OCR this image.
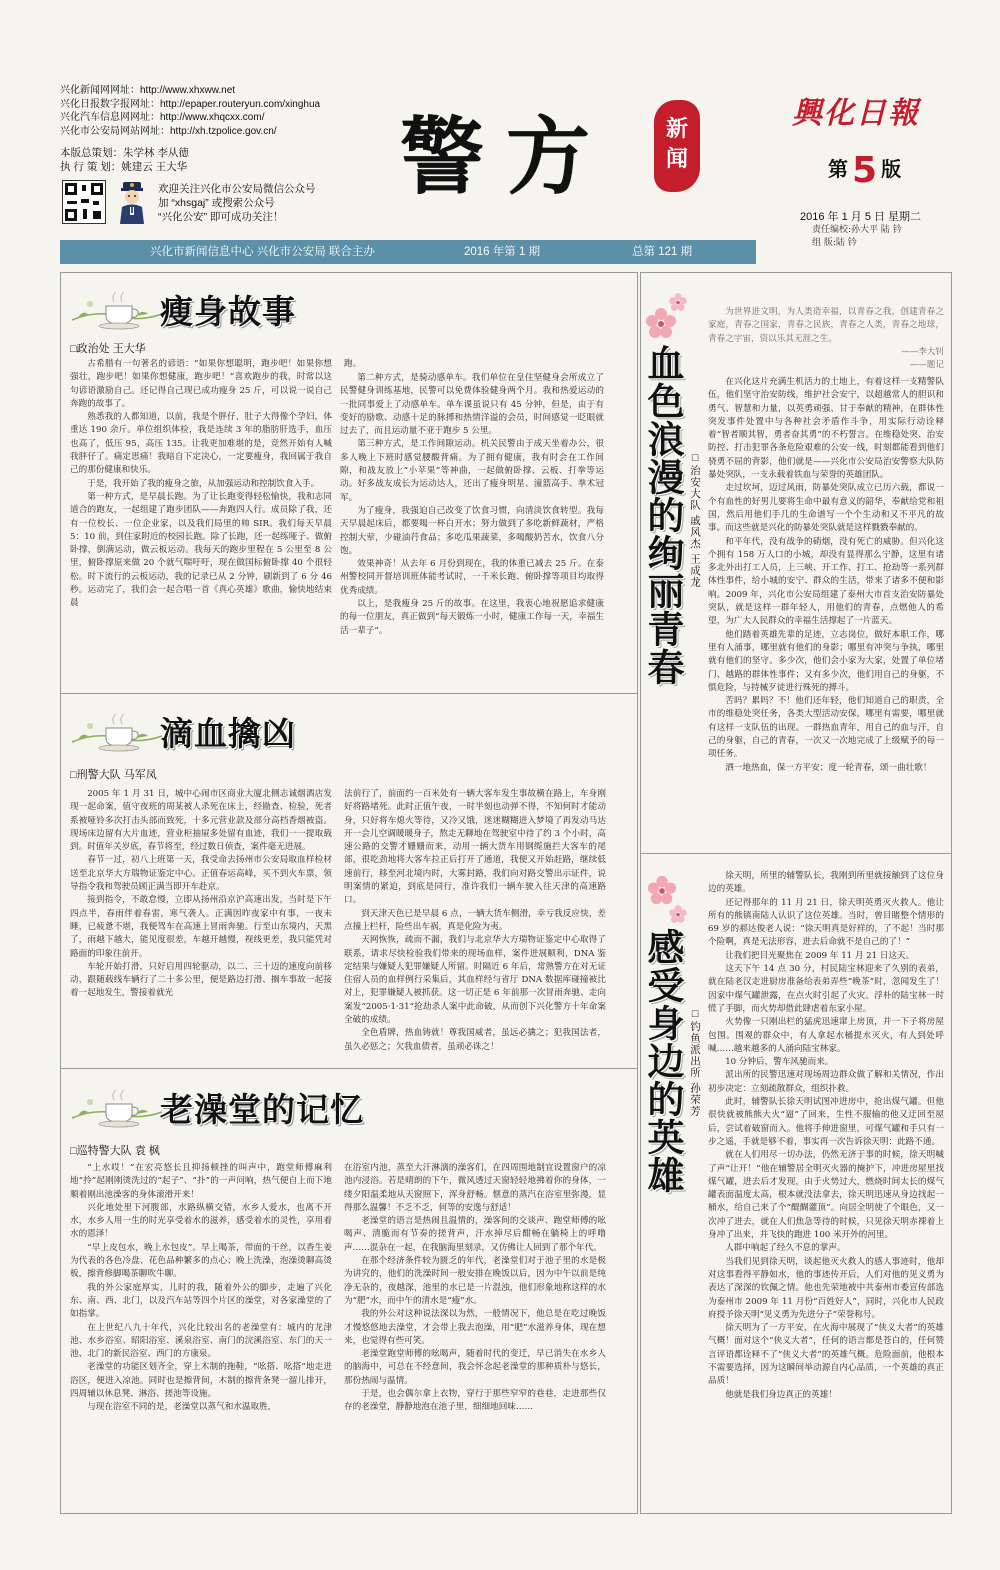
兴化新闻网网址：http://www.xhxww.net
兴化日报数字报网址：http://epaper.routeryun.com/xinghua
兴化汽车信息网网址：http://www.xhqcxx.com/
兴化市公安局网站网址：http://xh.tzpolice.gov.cn/
本版总策划：朱学林 李从德
执 行 策 划：姚建云 王大华
欢迎关注兴化市公安局微信公众号
加 “xhsgaj” 或搜索公众号
“兴化公安” 即可成功关注！
警方	新
闻
興化日報
第 5 版
2016 年 1 月 5 日 星期二
责任编校:孙大平 陆 钤
组 版:陆 钤
兴化市新闻信息中心 兴化市公安局 联合主办	2016 年第 1 期	总第 121 期
瘦身故事
□政治处 王大华

古希腊有一句著名的谚语：“如果你想聪明，跑步吧！如果你想强壮，跑步吧！如果你想健康，跑步吧！”喜欢跑步的我，时常以这句谚语激励自己。还记得自己现已成功瘦身 25 斤，可以说一说自己奔跑的故事了。

熟悉我的人都知道，以前，我是个胖仔，肚子大得像个孕妇，体重达 190 余斤。单位组织体检，我是连续 3 年的脂肪肝选手，血压也高了，低压 95，高压 135。让我更加难堪的是，竞然开始有人喊我胖仔了。痛定思痛！我暗自下定决心，一定要瘦身，我回属于我自己的那份健康和快乐。

于是，我开始了我的瘦身之旅，从加强运动和控制饮食入手。

第一种方式，是早晨长跑。为了让长跑变得轻松愉快，我和志同道合的跑友，一起组建了跑步团队——奔跑四人行。成员除了我，还有一位校长、一位企业家，以及我们局里的帅 SIR。我们每天早晨 5：10 前，到住家附近的校园长跑。除了长跑，还一起练哑子、做俯卧撑，倒满运动，做云板运动。我每天的跑步里程在 5 公里至 8 公里，俯卧撑原来做 20 个就气喘吁吁，现在做国标俯卧撑 40 个很轻松。时下流行的云板运动，我的记录已从 2 分钟，刷新到了 6 分 46 秒。运动完了，我们会一起合唱一首《真心英雄》歌曲，愉快地结束晨

跑。

第二种方式，是骑动感单车。我们单位在皇住坚健身会所成立了民警健身训练基地，民警可以免费体验健身两个月。我和热爱运动的一批同事爱上了动感单车。单车课虽说只有 45 分钟，但是，由于有变好的励歌、动感十足的脉搏和热情洋溢的会员，时间感觉一眨眼就过去了，而且运动量不亚于跑步 5 公里。

第三种方式，是工作间隙运动。机关民警由于成天坐着办公，很多人晚上下班时感觉腰酸背痛。为了拥有健康，我有时会在工作间隙，和战友放上“小苹果”等神曲，一起做俯卧撑、云板、打拳等运动。好多战友成长为运动达人，还出了瘦身明星、潼篮高手、拳术冠军。

为了瘦身，我强迫自己改变了饮食习惯，向清淡饮食转型。我每天早晨起床后，都要喝一杯白开水；努力做到了多吃新鲜蔬材，严格控制大荤，少碰油荇食品；多吃瓜果蔬菜，多喝酸奶苦水，饮食八分饱。

效果神奇！从去年 6 月份到现在，我的体重已减去 25 斤。在泰州警校同开督培训班体能考试时，一千米长跑、俯卧撑等项目均取得优秀成绩。

以上，是我瘦身 25 斤的故事。在这里，我衷心地祝愿追求健康的每一位朋友，真正做到“每天锻炼一小时，健康工作每一天，幸福生活一辈子”。

滴血擒凶
□刑警大队 马军凤

2005 年 1 月 31 日，城中心闹市区商业大厦北侧志诚烟酒店发现一起命案，值守夜班的周某被人杀死在床上，经勘查、检验，死者系被哑铃多次打击头部而致死，十多元营业款及部分高档香烟被盗。现场床边留有大片血迹，营业柜抽屉多处留有血迹，我们一一提取载到。时值年关岁底，春节将至，经过数日侦查，案件毫无进展。

春节一过，初八上班第一天，我受命去扬州市公安局取血样检材送至北京华大方瑞物证鉴定中心。正值春运高峰，买不到火车票，领导指令我和驾驶员顾正满当即开车赴京。

接到指令，不敢怠慢，立即从扬州沿京沪高速出发，当时是下午四点半，春雨伴着春雷，寒气袭人。正满因昨夜家中有事，一夜未睡，已疲惫不堪，我便驾车在高速上冒雨奔驰。行至山东境内，天黑了，雨越下越大，能见度很差，车越开越慢，视线更差，我只能凭对路面的印象往前开。

车轮开始打滑，只好启用四轮驱动，以二、三十迈的速度向前移动，跟随载线车辆行了二十多公里，便是路边打滑、搁车事故一起接着一起地发生，警接着就光

法前行了，前面约一百米处有一辆大客车发生事故横在路上，车身刚好将路堵死。此时正值午夜，一时半刻也动弹不得，不知何时才能动身，只好将车熄火等待，又冷又饿，迷迷糊糊进入梦境了再发动马达开一会儿空调暖暖身子，熬走无聊地在驾驶室中待了约 3 个小时，高速公路的交警才姗姗而来，动用一辆大货车用钢缆施拦大客车的尾部，很吃劲地将大客车拉正后打开了通道，我便又开始赶路，继续低速前行，移至河北境内时，大雾封路，我们向对路交警出示证件，说明案情的紧迫，到底是同行，准许我们一辆车驶入往天津的高速路口。

到天津天色已是早晨 6 点，一辆大货车侧滑，幸亏我反应快，差点撞上栏杆，险些出车祸，真是化险为夷。

天网恢恢，疏而不漏，我们与北京华大方瑞物证鉴定中心取得了联系，请求尽快检验我们带来的现场血样，案件进展顺利，DNA 鉴定结果与嫌疑人犯罪嫌疑人所留。时隔近 6 年后，常熟警方在对无证住宿人员的血样例行采集后，其血样经与省厅 DNA 数据库碰撞被比对上，犯罪嫌疑人被抓获。这一切正是 6 年前那一次冒雨奔驰、走向案发“2005·1·31”抢劫杀人案中此命破，从而创下兴化警方十年命案全破的成绩。

全色盾牌，热血铸就！尊我国威者，虽远必擒之；犯我国法者，虽久必惩之；欠我血债者，虽顽必诛之！

老澡堂的记忆
□巡特警大队 袁 枫

“上水哎！”在宏亮悠长且抑扬顿挫的叫声中，跑堂师傅麻利地“拎”起刚刚烫洗过的“起子”、“扑”的一声问响，热气便自上而下地顺着刚出池澡客的身体滚滑开来！

兴化地处里下河腹部，水路纵横交错，水乡人爱水，也离不开水，水乡人用一生的时光享受着水的滋养，感受着水的灵性，享用着水的恩泽！

“早上皮包水，晚上水包皮”。早上喝茶，带面的干丝，以香生姜为代表的各色冷盘、花色品种繁多的点心；晚上洗澡，泡澡烫聊高烫板，擦背修脚喝茶聊吹牛聊。

我的外公家庭厚实，儿时的我，随着外公的脚步，走遍了兴化东、南、西、北门，以及汽车站等四个片区的澡堂，对各家澡堂的了如指掌。

在上世纪八九十年代，兴化比较出名的老澡堂有：城内的龙津池、水乡浴室、昭阳浴室、溪泉浴室、南门的浣溪浴室、东门的天一池、北门的新民浴室、西门的方康泉。

老澡堂的功能区划齐全，穿上木制的拖鞋，“吆搭、吆搭”地走进浴区，便进入凉池。同时也是擦背间，木制的擦背条凳一溜儿排开，四周辅以休息凳、淋浴、搓池等设施。

与现在浴室不同的是，老澡堂以蒸气和水温取胜，

在浴室内池，蒸至大汗淋漓的澡客们，在四周围地制宜设置窗户的凉池内浸浴。若是晴朗的下午，微风透过天窗轻轻地拂着你的身体，一缕夕阳温柔地从天窗照下，浑身舒畅。惬意的蒸汽在浴室里弥漫，显得那么温馨！不乏不乏，何等的安逸与舒适！

老澡堂的语言是热闹且温情的，澡客间的交谈声、跑堂师傅的吆喝声、清脆而有节奏的搓背声，汗水掉尽后酣畅在躺椅上的呼噜声……混杂在一起，在我脑海里刻录，又仿佛让人回到了那个年代。

在那个经济条件较为匮乏的年代，老澡堂们对于池子里的水是极为讲究的，他们的洗澡时间一般安排在晚饭以后，因为中午以前是纯净无杂的，夜越深，池里的水已是一片混浊，他们形象地称这样的水为“肥”水，而中午的清水是“瘦”水。

我的外公对这种说法深以为然，一般情况下，他总是在吃过晚饭才慢悠悠地去澡堂，才会带上我去泡澡，用“肥”水滋养身体，现在想来，也觉得有些可笑。

老澡堂跑堂师傅的吆喝声，随着时代的变迁，早已消失在水乡人的脑海中，可总在不经意间，我会怀念起老澡堂的那种质朴与悠长，那份热闹与温情。

于是，也会偶尔拿上衣物，穿行于那些窄窄的巷巷，走进那些仅存的老澡堂，静静地泡在池子里，细细地回味……

血色浪漫的绚丽青春 □治安大队 戚风杰 王成龙

为世界进文明，为人类造幸福，以青春之我，创建青春之家庭，青春之国家，青春之民族，青春之人类，青春之地球，青春之宇宙，资以乐其无涯之生。

——李大钊
——题记

在兴化这片充满生机活力的土地上，有着这样一支精警队伍，他们坚守治安防线，维护社会安宁，以超越常人的胆识和勇气、智慧和力量，以英勇顽强、甘于奉献的精神，在群体性突发事件处置中与各种社会矛盾作斗争，用实际行动诠释着“智者顺其智，勇者奋其勇”的不朽誓言。在维稳处突、治安防控、打击犯罪各条危险艰难的公安一线，时刻都能看到他们骁勇不屈的背影，他们就是——兴化市公安局治安警察大队防暴处突队，一支永载着铁血与荣誉的英雄团队。

走过坎坷，迈过风雨，防暴处突队成立已历六载，都说一个有血性的好男儿要将生命中最有意义的韶华，奉献给党和祖国，然后用他们手几的生命谱写一个个生动和又不平凡的故事。而这些就是兴化的防暴处突队就是这样戮戮奉献的。

和平年代，没有战争的硝烟，没有死亡的威胁。但兴化这个拥有 158 万人口的小城，却没有显得那么宁静，这里有诸多北外出打工人员，上三峡、开工作、打工、抢劫等一系列群体性事件，给小城的安宁、群众的生活，带来了诸多不便和影响。2009 年，兴化市公安局组建了泰州大市首支治安防暴处突队，就是这样一群年轻人，用他们的青春，点燃他人的希望，为广大人民群众的幸福生活撑起了一片蓝天。

他们踏着英雄先辈的足迹，立志岗位，做好本职工作，哪里有人涌事，哪里就有他们的身影；哪里有冲突与争执，哪里就有他们的坚守。多少次，他们会小家为大家，处置了单位堵门、越路的群体性事件；又有多少次，他们用自己的身躯，不惧危险，与持械歹徒进行殊死的搏斗。

苦吗？累吗？不！他们还年轻，他们知道自己的职责，全市的维稳处突任务，各类大型活动安保，哪里有需要，哪里就有这样一支队伍的出现。一群热血青年，用自己的血与汗，自己的身躯，自己的青春，一次又一次地完成了上级赋予的每一项任务。

洒一地热血，保一方平安；度一轮青春，颂一曲壮歌！

感受身边的英雄 □钓鱼派出所 孙荣芳

徐天明，所里的辅警队长，我刚到所里就接触到了这位身边的英雄。

还记得那年的 11 月 21 日，徐天明英勇灭火救人。他让所有的熊镇南陆人认识了这位英雄。当时，曾目睹整个情形的 69 岁的郝达俊老人说：“徐天明真是好样的，了不起！当时那个险啊，真是无法形容，进去后命就不是自己的了！”

让我们把目光聚焦在 2009 年 11 月 21 日这天。

这天下午 14 点 30 分，村民陆宝林迎来了久别的表弟，就在陆老汉走进厨房准备给表弟弄些“晚茶”时，忽闻发生了！因家中煤气罐泄露，在点火时引起了火灾。浮朴的陆宝林一时慌了手脚，而火势却借此肆虐着东家小屋。

火势像一只刚出栏的猛虎迅速窜上房顶，并一下子将房屋包围。围观的群众中，有人拿起水桶提水灭火，有人到处呼喊……越来越多的人涌向陆宝林家。

10 分钟后，警车风驰而来。

派出所的民警迅速对现场周边群众做了解和关情况，作出初步决定：立刻疏散群众，组织扑救。

此时，辅警队长徐天明试图冲进房中，抢出煤气罐。但他很快就被熊熊大火“逼”了回来，生性不服输的他又迂回至屋后，尝试着破窗而入。他将手伸进窗里，可煤气罐和手只有一步之遥，手就是够不着，事实再一次告诉徐天明：此路不通。

就在人们用尽一切办法，仍然无济于事的时候，徐天明喊了声“让开！”他在辅警居全明灭火器的掩护下，冲进房屋里找煤气罐，进去后才发现，由于火势过大，燃烧时间太长的煤气罐表面温度太高，根本就没法拿去，徐天明迅速从身边找起一桶水，给自己来了个“醍醐灌顶”。向居全明使了个眼色，又一次冲了进去，就在人们焦急等待的时候，只见徐天明赤裸着上身冲了出来，并飞快的跑进 100 米开外的河里。

人群中响起了经久不息的掌声。

当我们见到徐天明，谈起他灭火救人的感人事迹时，他却对这事看得平静如水，他的事迹传开后，人们对他的见义勇为表达了深深的钦佩之情。他也先荣地被中共泰州市委宣传部选为泰州市 2009 年 11 月份“百姓好人”，同时，兴化市人民政府授予徐天明“见义勇为先进分子”荣誉称号。

徐天明为了一方平安，在火海中展现了“侠义大者”的英雄气概！面对这个“侠义大者”，任何的语言都是苍白的，任何赞言评语都诠释不了“侠义大者”的英雄气概。危险面前，他根本不需要选择，因为这瞬间举动源自内心品质，一个英雄的真正品质！

他就是我们身边真正的英雄！
